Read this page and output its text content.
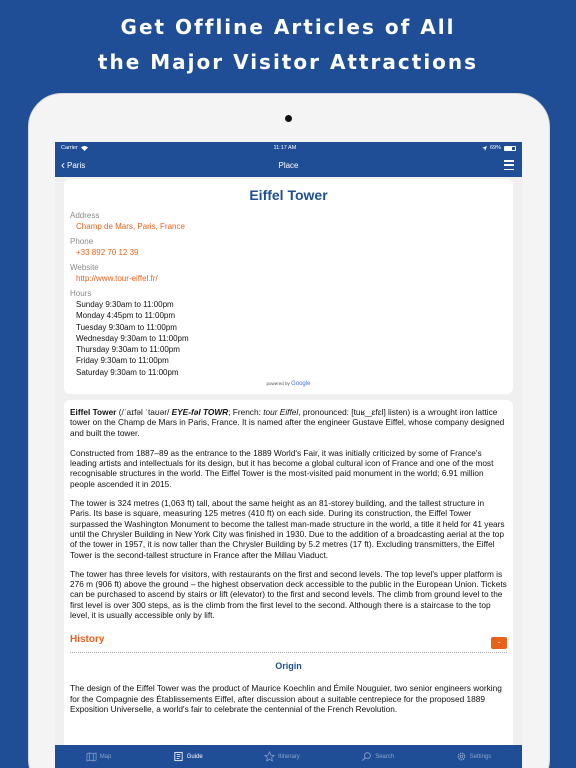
Get Offline Articles of All
the Major Visitor Attractions
Carrier	11:17 AM	69%
‹ Paris	Place
Eiffel Tower
Address
Champ de Mars, Paris, France
Phone
+33 892 70 12 39
Website
http://www.tour-eiffel.fr/
Hours
Sunday 9:30am to 11:00pm
Monday 4:45pm to 11:00pm
Tuesday 9:30am to 11:00pm
Wednesday 9:30am to 11:00pm
Thursday 9:30am to 11:00pm
Friday 9:30am to 11:00pm
Saturday 9:30am to 11:00pm
powered by Google

Eiffel Tower (/ˈaɪfəl ˈtaʊər/ EYE-fəl TOWR; French: tour Eiffel, pronounced: [tuʁ‿ɛfɛl] listen) is a wrought iron lattice tower on the Champ de Mars in Paris, France. It is named after the engineer Gustave Eiffel, whose company designed and built the tower.

Constructed from 1887–89 as the entrance to the 1889 World's Fair, it was initially criticized by some of France's leading artists and intellectuals for its design, but it has become a global cultural icon of France and one of the most recognisable structures in the world. The Eiffel Tower is the most-visited paid monument in the world; 6.91 million people ascended it in 2015.

The tower is 324 metres (1,063 ft) tall, about the same height as an 81-storey building, and the tallest structure in Paris. Its base is square, measuring 125 metres (410 ft) on each side. During its construction, the Eiffel Tower surpassed the Washington Monument to become the tallest man-made structure in the world, a title it held for 41 years until the Chrysler Building in New York City was finished in 1930. Due to the addition of a broadcasting aerial at the top of the tower in 1957, it is now taller than the Chrysler Building by 5.2 metres (17 ft). Excluding transmitters, the Eiffel Tower is the second-tallest structure in France after the Millau Viaduct.

The tower has three levels for visitors, with restaurants on the first and second levels. The top level's upper platform is 276 m (906 ft) above the ground – the highest observation deck accessible to the public in the European Union. Tickets can be purchased to ascend by stairs or lift (elevator) to the first and second levels. The climb from ground level to the first level is over 300 steps, as is the climb from the first level to the second. Although there is a staircase to the top level, it is usually accessible only by lift.

History	-
Origin

The design of the Eiffel Tower was the product of Maurice Koechlin and Émile Nouguier, two senior engineers working for the Compagnie des Établissements Eiffel, after discussion about a suitable centrepiece for the proposed 1889 Exposition Universelle, a world's fair to celebrate the centennial of the French Revolution.

Map	Guide	Itinerary	Search	Settings
